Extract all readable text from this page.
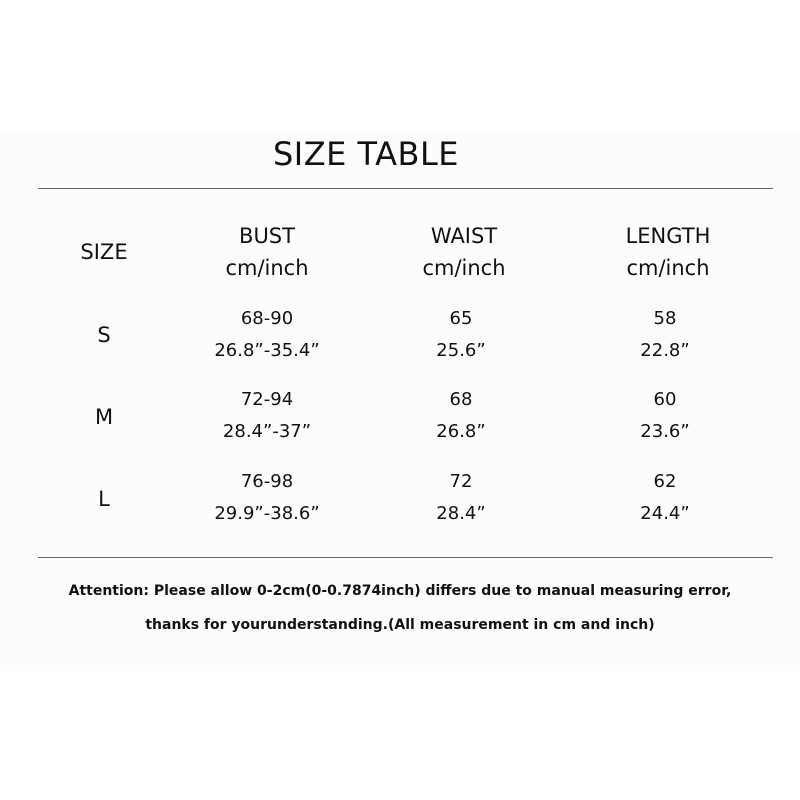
SIZE TABLE
SIZE
BUST
cm/inch
WAIST
cm/inch
LENGTH
cm/inch
S
68-90
26.8”-35.4”
65
25.6”
58
22.8”
M
72-94
28.4”-37”
68
26.8”
60
23.6”
L
76-98
29.9”-38.6”
72
28.4”
62
24.4”
Attention: Please allow 0-2cm(0-0.7874inch) differs due to manual measuring error,
thanks for yourunderstanding.(All measurement in cm and inch)
